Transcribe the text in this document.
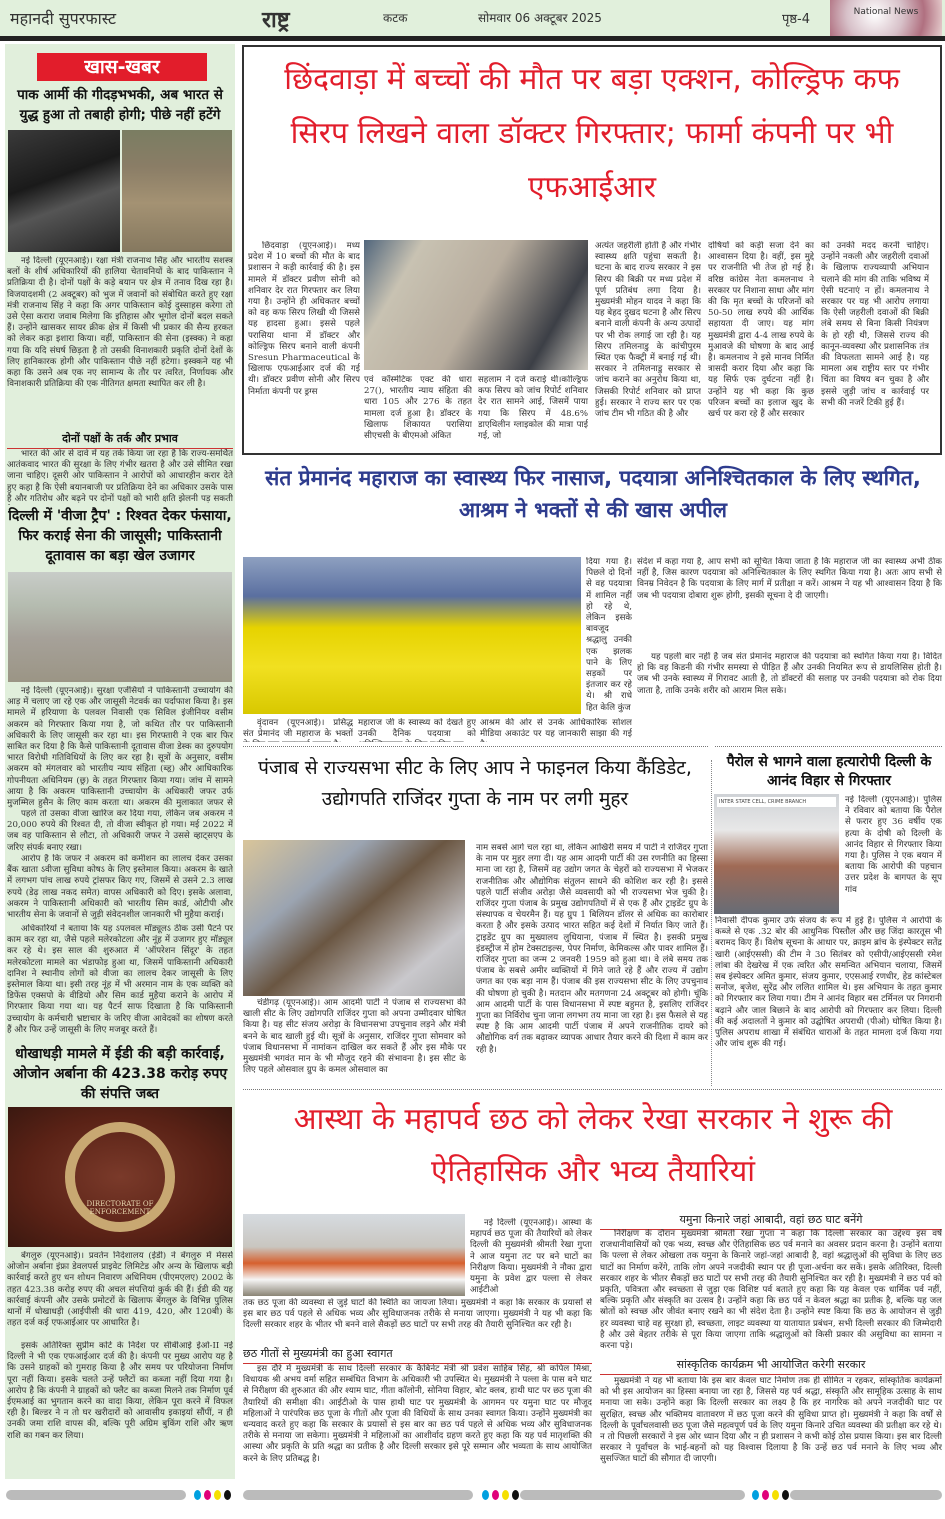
महानदी सुपरफास्ट	राष्ट्र	कटक	सोमवार 06 अक्टूबर 2025	पृष्ठ-4	National News
खास-खबर
पाक आर्मी की गीदड़भभकी, अब भारत से युद्ध हुआ तो तबाही होगी; पीछे नहीं हटेंगे
नई दिल्ली (यूएनआई)। रक्षा मंत्री राजनाथ सिंह और भारतीय सशस्त्र बलों के शीर्ष अधिकारियों की हालिया चेतावनियों के बाद पाकिस्तान ने प्रतिक्रिया दी है। दोनों पक्षों के कड़े बयान पर क्षेत्र में तनाव दिख रहा है। विजयादशमी (2 अक्टूबर) को भुज में जवानों को संबोधित करते हुए रक्षा मंत्री राजनाथ सिंह ने कहा कि अगर पाकिस्तान कोई दुस्साहस करेगा तो उसे ऐसा करारा जवाब मिलेगा कि इतिहास और भूगोल दोनों बदल सकते हैं। उन्होंने खासकर सायर क्रीक क्षेत्र में किसी भी प्रकार की सैन्य हरकत को लेकर कड़ा इशारा किया। वहीं, पाकिस्तान की सेना (इस्क्क) ने कहा गया कि यदि संघर्ष छिड़ता है तो उसकी विनाशकारी प्रकृति दोनों देशों के लिए हानिकारक होगी और पाकिस्तान पीछे नहीं हटेगा। इस्क्कने यह भी कहा कि उसने अब एक नए सामान्य के तौर पर त्वरित, निर्णायक और विनाशकारी प्रतिक्रिया की एक नीतिगत क्षमता स्थापित कर ली है।
दोनों पक्षों के तर्क और प्रभाव
भारत की ओर से दावे में यह तर्क किया जा रहा है कि राज्य-समर्थित आतंकवाद भारत की सुरक्षा के लिए गंभीर खतरा है और उसे सीमित रखा जाना चाहिए। दूसरी ओर पाकिस्तान ने आरोपों को आधारहीन करार देते हुए कहा है कि ऐसी बयानबाजी पर प्रतिक्रिया देने का अधिकार उसके पास है और गतिरोध और बढ़ने पर दोनों पक्षों को भारी क्षति झेलनी पड़ सकती
दिल्ली में 'वीजा ट्रैप' : रिश्वत देकर फंसाया, फिर कराई सेना की जासूसी; पाकिस्तानी दूतावास का बड़ा खेल उजागर
नई दिल्ली (यूएनआई)। सुरक्षा एजेंसियों ने पाकिस्तानी उच्चायोग की आड़ में चलाए जा रहे एक और जासूसी नेटवर्क का पर्दाफाश किया है। इस मामले में हरियाणा के पलवल निवासी एक सिविल इंजीनियर वसीम अकरम को गिरफ्तार किया गया है, जो कथित तौर पर पाकिस्तानी अधिकारी के लिए जासूसी कर रहा था। इस गिरफ्तारी ने एक बार फिर साबित कर दिया है कि कैसे पाकिस्तानी दूतावास वीजा डेस्क का दुरुपयोग भारत विरोधी गतिविधियों के लिए कर रहा है। सूत्रों के अनुसार, वसीम अकरम को मंगलवार को भारतीय न्याय संहिता (ब्हृ) और आधिकारिक गोपनीयता अधिनियम (छ्र) के तहत गिरफ्तार किया गया। जांच में सामने आया है कि अकरम पाकिस्तानी उच्चायोग के अधिकारी जफर उर्फ मुजम्मिल हुसैन के लिए काम करता था। अकरम की मुलाकात जफर से
पहले तो उसका वीजा खारिज कर दिया गया, लेकिन जब अकरम ने 20,000 रुपये की रिश्वत दी, तो वीजा स्वीकृत हो गया। मई 2022 में जब वह पाकिस्तान से लौटा, तो अधिकारी जफर ने उससे व्हाट्सएप के जरिए संपर्क बनाए रखा।
आरोप है कि जफर ने अकरम को कमीशन का लालच देकर उसका बैंक खाता ऽवीजा सुविधा कोषऽ के लिए इस्तेमाल किया। अकरम के खाते में लगभग पांच लाख रुपये ट्रांसफर किए गए, जिसमें से उसने 2.3 लाख रुपये (डेढ़ लाख नकद समेत) वापस अधिकारी को दिए। इसके अलावा, अकरम ने पाकिस्तानी अधिकारी को भारतीय सिम कार्ड, ओटीपी और भारतीय सेना के जवानों से जुड़ी संवेदनशील जानकारी भी मुहैया कराई।
अधिकारियों ने बताया कि यह ऽपलवल मॉड्यूलऽ ठीक उसी पैटर्न पर काम कर रहा था, जैसे पहले मलेरकोटला और नूंह में उजागर हुए मॉड्यूल कर रहे थे। इस साल की शुरुआत में 'ऑपरेशन सिंदूर' के तहत मलेरकोटला मामले का भंडाफोड़ हुआ था, जिसमें पाकिस्तानी अधिकारी दानिश ने स्थानीय लोगों को वीजा का लालच देकर जासूसी के लिए इस्तेमाल किया था। इसी तरह नूंह में भी अरमान नाम के एक व्यक्ति को डिफेंस एक्सपो के वीडियो और सिम कार्ड मुहैया कराने के आरोप में गिरफ्तार किया गया था। यह पैटर्न साफ दिखाता है कि पाकिस्तानी उच्चायोग के कर्मचारी भ्रष्टाचार के जरिए वीजा आवेदकों का शोषण करते हैं और फिर उन्हें जासूसी के लिए मजबूर करते हैं।
धोखाधड़ी मामले में ईडी की बड़ी कार्रवाई, ओजोन अर्बाना की 423.38 करोड़ रुपए की संपत्ति जब्त
DIRECTORATE OF ENFORCEMENT
बेंगलुरु (यूएनआई)। प्रवर्तन निदेशालय (ईडी) ने बेंगलुरु में मेसर्स ओजोन अर्बाना इंफ्रा डेवलपर्स प्राइवेट लिमिटेड और अन्य के खिलाफ बड़ी कार्रवाई करते हुए धन शोधन निवारण अधिनियम (पीएमएलए) 2002 के तहत 423.38 करोड़ रुपए की अचल संपत्तियां कुर्क की हैं। ईडी की यह कार्रवाई कंपनी और उसके प्रमोटरों के खिलाफ बेंगलुरु के विभिन्न पुलिस थानों में धोखाधड़ी (आईपीसी की धारा 419, 420, और 120बी) के तहत दर्ज कई एफआईआर पर आधारित है।
इसके अतिरिक्त सुप्रीम कोर्ट के निर्देश पर सीबीआई ईओ-II नई दिल्ली ने भी एक एफआईआर दर्ज की है। कंपनी पर मुख्य आरोप यह है कि उसने ग्राहकों को गुमराह किया है और समय पर परियोजना निर्माण पूरा नहीं किया। इसके चलते उन्हें फ्लैटों का कब्जा नहीं दिया गया है। आरोप है कि कंपनी ने ग्राहकों को फ्लैट का कब्जा मिलने तक निर्माण पूर्व ईएमआई का भुगतान करने का वादा किया, लेकिन पूरा करने में विफल रही है। बिल्डर ने न तो घर खरीदारों को आवासीय इकाइयां सौंपीं, न ही उनकी जमा राशि वापस की, बल्कि पूरी अग्रिम बुकिंग राशि और ऋण राशि का गबन कर लिया।
छिंदवाड़ा में बच्चों की मौत पर बड़ा एक्शन, कोल्ड्रिफ कफ सिरप लिखने वाला डॉक्टर गिरफ्तार; फार्मा कंपनी पर भी एफआईआर
छिंदवाड़ा (यूएनआई)। मध्य प्रदेश में 10 बच्चों की मौत के बाद प्रशासन ने कड़ी कार्रवाई की है। इस मामले में डॉक्टर प्रवीण सोनी को शनिवार देर रात गिरफ्तार कर लिया गया है। उन्होंने ही अधिकतर बच्चों को वह कफ सिरप लिखी थी जिससे यह हादसा हुआ। इससे पहले परासिया थाना में डॉक्टर और कोल्ड्रिफ सिरप बनाने वाली कंपनी Sresun Pharmaceutical के खिलाफ एफआईआर दर्ज की गई थी। डॉक्टर प्रवीण सोनी और सिरप निर्माता कंपनी पर ड्रग्स
एवं कॉस्मेटिक एक्ट की धारा 27(), भारतीय न्याय संहिता की धारा 105 और 276 के तहत मामला दर्ज हुआ है। डॉक्टर के खिलाफ शिकायत परासिया सीएचसी के बीएमओ अंकित
सहलाम ने दर्ज कराई थी।कोल्ड्रिफ कफ सिरप को जांच रिपोर्ट शनिवार देर रात सामने आई, जिसमें पाया गया कि सिरप में 48.6% डाएथिलीन ग्लाइकोल की मात्रा पाई गई, जो
अत्यंत जहरीली होती है और गंभीर स्वास्थ्य क्षति पहुंचा सकती है। घटना के बाद राज्य सरकार ने इस सिरप की बिक्री पर मध्य प्रदेश में पूर्ण प्रतिबंध लगा दिया है। मुख्यमंत्री मोहन यादव ने कहा कि यह बेहद दुखद घटना है और सिरप बनाने वाली कंपनी के अन्य उत्पादों पर भी रोक लगाई जा रही है। यह सिरप तमिलनाडु के कांचीपुरम स्थित एक फैक्ट्री में बनाई गई थी। सरकार ने तमिलनाडु सरकार से जांच कराने का अनुरोध किया था, जिसकी रिपोर्ट शनिवार को प्राप्त हुई। सरकार ने राज्य स्तर पर एक जांच टीम भी गठित की है और
दोषियों को कड़ी सजा देने का आश्वासन दिया है। वहीं, इस मुद्दे पर राजनीति भी तेज हो गई है। वरिष्ठ कांग्रेस नेता कमलनाथ ने सरकार पर निशाना साधा और मांग की कि मृत बच्चों के परिजनों को 50-50 लाख रुपये की आर्थिक सहायता दी जाए। यह मांग मुख्यमंत्री द्वारा 4-4 लाख रुपये के मुआवजे की घोषणा के बाद आई है। कमलनाथ ने इसे मानव निर्मित त्रासदी करार दिया और कहा कि यह सिर्फ एक दुर्घटना नहीं है। उन्होंने यह भी कहा कि कुछ परिजन बच्चों का इलाज खुद के खर्च पर करा रहे हैं और सरकार
को उनकी मदद करनी चाहिए। उन्होंने नकली और जहरीली दवाओं के खिलाफ राज्यव्यापी अभियान चलाने की मांग की ताकि भविष्य में ऐसी घटनाएं न हों। कमलनाथ ने सरकार पर यह भी आरोप लगाया कि ऐसी जहरीली दवाओं की बिक्री लंबे समय से बिना किसी नियंत्रण के हो रही थी, जिससे राज्य की कानून-व्यवस्था और प्रशासनिक तंत्र की विफलता सामने आई है। यह मामला अब राष्ट्रीय स्तर पर गंभीर चिंता का विषय बन चुका है और इससे जुड़ी जांच व कार्रवाई पर सभी की नजरें टिकी हुई हैं।
संत प्रेमानंद महाराज का स्वास्थ्य फिर नासाज, पदयात्रा अनिश्चितकाल के लिए स्थगित, आश्रम ने भक्तों से की खास अपील
दिया गया है। पिछले दो दिनों से वह पदयात्रा में शामिल नहीं हो रहे थे, लेकिन इसके बावजूद श्रद्धालु उनकी एक झलक पाने के लिए सड़कों पर इंतजार कर रहे थे। श्री राधे हित केलि कुंज
वृंदावन (यूएनआई)। प्रसिद्ध संत प्रेमानंद जी महाराज के भक्तों
महाराज जी के स्वास्थ्य को देखते हुए उनकी दैनिक पदयात्रा को
आश्रम की ओर से उनके आधिकारिक सोशल मीडिया अकाउंट पर यह जानकारी साझा की गई
संदेश में कहा गया है, आप सभी को सूचित किया जाता है कि महाराज जी का स्वास्थ्य अभी ठीक नहीं है, जिस कारण पदयात्रा को अनिश्चितकाल के लिए स्थगित किया गया है। अतः आप सभी से विनम्र निवेदन है कि पदयात्रा के लिए मार्ग में प्रतीक्षा न करें। आश्रम ने यह भी आश्वासन दिया है कि जब भी पदयात्रा दोबारा शुरू होगी, इसकी सूचना दे दी जाएगी।
यह पहली बार नहीं है जब संत प्रेमानंद महाराज की पदयात्रा को स्थगित किया गया है। विदित हो कि वह किडनी की गंभीर समस्या से पीड़ित हैं और उनकी नियमित रूप से डायलिसिस होती है। जब भी उनके स्वास्थ्य में गिरावट आती है, तो डॉक्टरों की सलाह पर उनकी पदयात्रा को रोक दिया जाता है, ताकि उनके शरीर को आराम मिल सके।
पंजाब से राज्यसभा सीट के लिए आप ने फाइनल किया कैंडिडेट, उद्योगपति राजिंदर गुप्ता के नाम पर लगी मुहर
चंडीगढ़ (यूएनआई)। आम आदमी पार्टी ने पंजाब से राज्यसभा की खाली सीट के लिए उद्योगपति राजिंदर गुप्ता को अपना उम्मीदवार घोषित किया है। यह सीट संजय अरोड़ा के विधानसभा उपचुनाव लड़ने और मंत्री बनने के बाद खाली हुई थी। सूत्रों के अनुसार, राजिंदर गुप्ता सोमवार को पंजाब विधानसभा में नामांकन दाखिल कर सकते हैं और इस मौके पर मुख्यमंत्री भगवंत मान के भी मौजूद रहने की संभावना है। इस सीट के लिए पहले ओसवाल ग्रुप के कमल ओसवाल का
नाम सबसे आगे चल रहा था, लेकिन आखिरी समय में पार्टी ने राजिंदर गुप्ता के नाम पर मुहर लगा दी। यह आम आदमी पार्टी की उस रणनीति का हिस्सा माना जा रहा है, जिसमें वह उद्योग जगत के चेहरों को राज्यसभा में भेजकर राजनीतिक और औद्योगिक संतुलन साधने की कोशिश कर रही है। इससे पहले पार्टी संजीव अरोड़ा जैसे व्यवसायी को भी राज्यसभा भेज चुकी है। राजिंदर गुप्ता पंजाब के प्रमुख उद्योगपतियों में से एक हैं और ट्राइडेंट ग्रुप के संस्थापक व चेयरमैन हैं। यह ग्रुप 1 बिलियन डॉलर से अधिक का कारोबार करता है और इसके उत्पाद भारत सहित कई देशों में निर्यात किए जाते हैं। ट्राइडेंट ग्रुप का मुख्यालय लुधियाना, पंजाब में स्थित है। इसकी प्रमुख इंडस्ट्रीज में होम टेक्सटाइल्स, पेपर निर्माण, केमिकल्स और पावर शामिल हैं। राजिंदर गुप्ता का जन्म 2 जनवरी 1959 को हुआ था। वे लंबे समय तक पंजाब के सबसे अमीर व्यक्तियों में गिने जाते रहे हैं और राज्य में उद्योग जगत का एक बड़ा नाम हैं। पंजाब की इस राज्यसभा सीट के लिए उपचुनाव की घोषणा हो चुकी है। मतदान और मतगणना 24 अक्टूबर को होगी। चूंकि आम आदमी पार्टी के पास विधानसभा में स्पष्ट बहुमत है, इसलिए राजिंदर गुप्ता का निर्विरोध चुना जाना लगभग तय माना जा रहा है। इस फैसले से यह स्पष्ट है कि आम आदमी पार्टी पंजाब में अपने राजनीतिक दायरे को औद्योगिक वर्ग तक बढ़ाकर व्यापक आधार तैयार करने की दिशा में काम कर रही है।
पैरोल से भागने वाला हत्यारोपी दिल्ली के आनंद विहार से गिरफ्तार
INTER STATE CELL, CRIME BRANCH	नई दिल्ली (यूएनआई)। पुलिस ने रविवार को बताया कि पैरोल से फरार हुए 36 वर्षीय एक हत्या के दोषी को दिल्ली के आनंद विहार से गिरफ्तार किया गया है। पुलिस ने एक बयान में बताया कि आरोपी की पहचान उत्तर प्रदेश के बागपत के सूप गांव
निवासी दीपक कुमार उर्फ संजय के रूप में हुई है। पुलिस ने आरोपी के कब्जे से एक .32 बोर की आधुनिक पिस्तौल और छह जिंदा कारतूस भी बरामद किए हैं। विशेष सूचना के आधार पर, क्राइम ब्रांच के इंस्पेक्टर सतेंद्र खारी (आईएससी) की टीम ने 30 सितंबर को एसीपी/आईएससी रमेश लांबा की देखरेख में एक त्वरित और समन्वित अभियान चलाया, जिसमें सब इंस्पेक्टर अमित कुमार, संजय कुमार, एएसआई रणधीर, हेड कांस्टेबल सनोज, बृजेश, सुरेंद्र और ललित शामिल थे। इस अभियान के तहत कुमार को गिरफ्तार कर लिया गया। टीम ने आनंद विहार बस टर्मिनल पर निगरानी बढ़ाने और जाल बिछाने के बाद आरोपी को गिरफ्तार कर लिया। दिल्ली की कई अदालतों ने कुमार को उद्घोषित अपराधी (पीओ) घोषित किया है। पुलिस अपराध शाखा में संबंधित धाराओं के तहत मामला दर्ज किया गया और जांच शुरू की गई।
आस्था के महापर्व छठ को लेकर रेखा सरकार ने शुरू की ऐतिहासिक और भव्य तैयारियां
नई दिल्ली (यूएनआई)। आस्था के महापर्व छठ पूजा की तैयारियों को लेकर दिल्ली की मुख्यमंत्री श्रीमती रेखा गुप्ता ने आज यमुना तट पर बने घाटों का निरीक्षण किया। मुख्यमंत्री ने नौका द्वारा यमुना के प्रवेश द्वार पल्ला से लेकर आईटीओ
तक छठ पूजा की व्यवस्था से जुड़े घाटों की स्थिति का जायजा लिया। मुख्यमंत्री ने कहा कि सरकार के प्रयासों से इस बार छठ पर्व पहले से अधिक भव्य और सुविधाजनक तरीके से मनाया जाएगा। मुख्यमंत्री ने यह भी कहा कि दिल्ली सरकार शहर के भीतर भी बनने वाले सैकड़ों छठ घाटों पर सभी तरह की तैयारी सुनिश्चित कर रही है।
छठ गीतों से मुख्यमंत्री का हुआ स्वागत
इस दौरे में मुख्यमंत्री के साथ दिल्ली सरकार के कैबिनेट मंत्री श्री प्रवेश साहिब सिंह, श्री कपिल मिश्रा, विधायक श्री अभय वर्मा सहित सम्बंधित विभाग के अधिकारी भी उपस्थित थे। मुख्यमंत्री ने पल्ला के पास बने घाट से निरीक्षण की शुरुआत की और श्याम घाट, गीता कॉलोनी, सोनिया विहार, बोट क्लब, हाथी घाट पर छठ पूजा की तैयारियों की समीक्षा की। आईटीओ के पास हाथी घाट पर मुख्यमंत्री के आगमन पर यमुना घाट पर मौजूद महिलाओं ने पारंपरिक छठ पूजा के गीतों और पूजा की विधियों के साथ उनका स्वागत किया। उन्होंने मुख्यमंत्री का धन्यवाद करते हुए कहा कि सरकार के प्रयासों से इस बार का छठ पर्व पहले से अधिक भव्य और सुविधाजनक तरीके से मनाया जा सकेगा। मुख्यमंत्री ने महिलाओं का आशीर्वाद ग्रहण करते हुए कहा कि यह पर्व मातृशक्ति की आस्था और प्रकृति के प्रति श्रद्धा का प्रतीक है और दिल्ली सरकार इसे पूरे सम्मान और भव्यता के साथ आयोजित करने के लिए प्रतिबद्ध है।
यमुना किनारे जहां आबादी, वहां छठ घाट बनेंगे
निरीक्षण के दौरान मुख्यमंत्री श्रीमती रेखा गुप्ता ने कहा कि दिल्ली सरकार का उद्देश्य इस वर्ष राजधानीवासियों को एक भव्य, स्वच्छ और ऐतिहासिक छठ पर्व मनाने का अवसर प्रदान करना है। उन्होंने बताया कि पल्ला से लेकर ओखला तक यमुना के किनारे जहां-जहां आबादी है, वहां श्रद्धालुओं की सुविधा के लिए छठ घाटों का निर्माण करेंगे, ताकि लोग अपने नजदीकी स्थान पर ही पूजा-अर्चना कर सकें। इसके अतिरिक्त, दिल्ली सरकार शहर के भीतर सैकड़ों छठ घाटों पर सभी तरह की तैयारी सुनिश्चित कर रही है। मुख्यमंत्री ने छठ पर्व को प्रकृति, पवित्रता और स्वच्छता से जुड़ा एक विशिष्ट पर्व बताते हुए कहा कि यह केवल एक धार्मिक पर्व नहीं, बल्कि प्रकृति और संस्कृति का उत्सव है। उन्होंने कहा कि छठ पर्व न केवल श्रद्धा का प्रतीक है, बल्कि यह जल स्रोतों को स्वच्छ और जीवंत बनाए रखने का भी संदेश देता है। उन्होंने स्पष्ट किया कि छठ के आयोजन से जुड़ी हर व्यवस्था चाहे वह सुरक्षा हो, स्वच्छता, लाइट व्यवस्था या यातायात प्रबंधन, सभी दिल्ली सरकार की जिम्मेदारी है और उसे बेहतर तरीके से पूरा किया जाएगा ताकि श्रद्धालुओं को किसी प्रकार की असुविधा का सामना न करना पड़े।
सांस्कृतिक कार्यक्रम भी आयोजित करेगी सरकार
मुख्यमंत्री ने यह भी बताया कि इस बार केवल घाट निर्माण तक ही सीमित न रहकर, सांस्कृतिक कार्यक्रमों को भी इस आयोजन का हिस्सा बनाया जा रहा है, जिससे यह पर्व श्रद्धा, संस्कृति और सामूहिक उत्साह के साथ मनाया जा सके। उन्होंने कहा कि दिल्ली सरकार का लक्ष्य है कि हर नागरिक को अपने नजदीकी घाट पर सुरक्षित, स्वच्छ और भक्तिमय वातावरण में छठ पूजा करने की सुविधा प्राप्त हो। मुख्यमंत्री ने कहा कि वर्षों से दिल्ली के पूर्वांचलवासी छठ पूजा जैसे महत्वपूर्ण पर्व के लिए यमुना किनारे उचित व्यवस्था की प्रतीक्षा कर रहे थे। न तो पिछली सरकारों ने इस ओर ध्यान दिया और न ही प्रशासन ने कभी कोई ठोस प्रयास किया। इस बार दिल्ली सरकार ने पूर्वांचल के भाई-बहनों को यह विश्वास दिलाया है कि उन्हें छठ पर्व मनाने के लिए भव्य और सुसज्जित घाटों की सौगात दी जाएगी।
